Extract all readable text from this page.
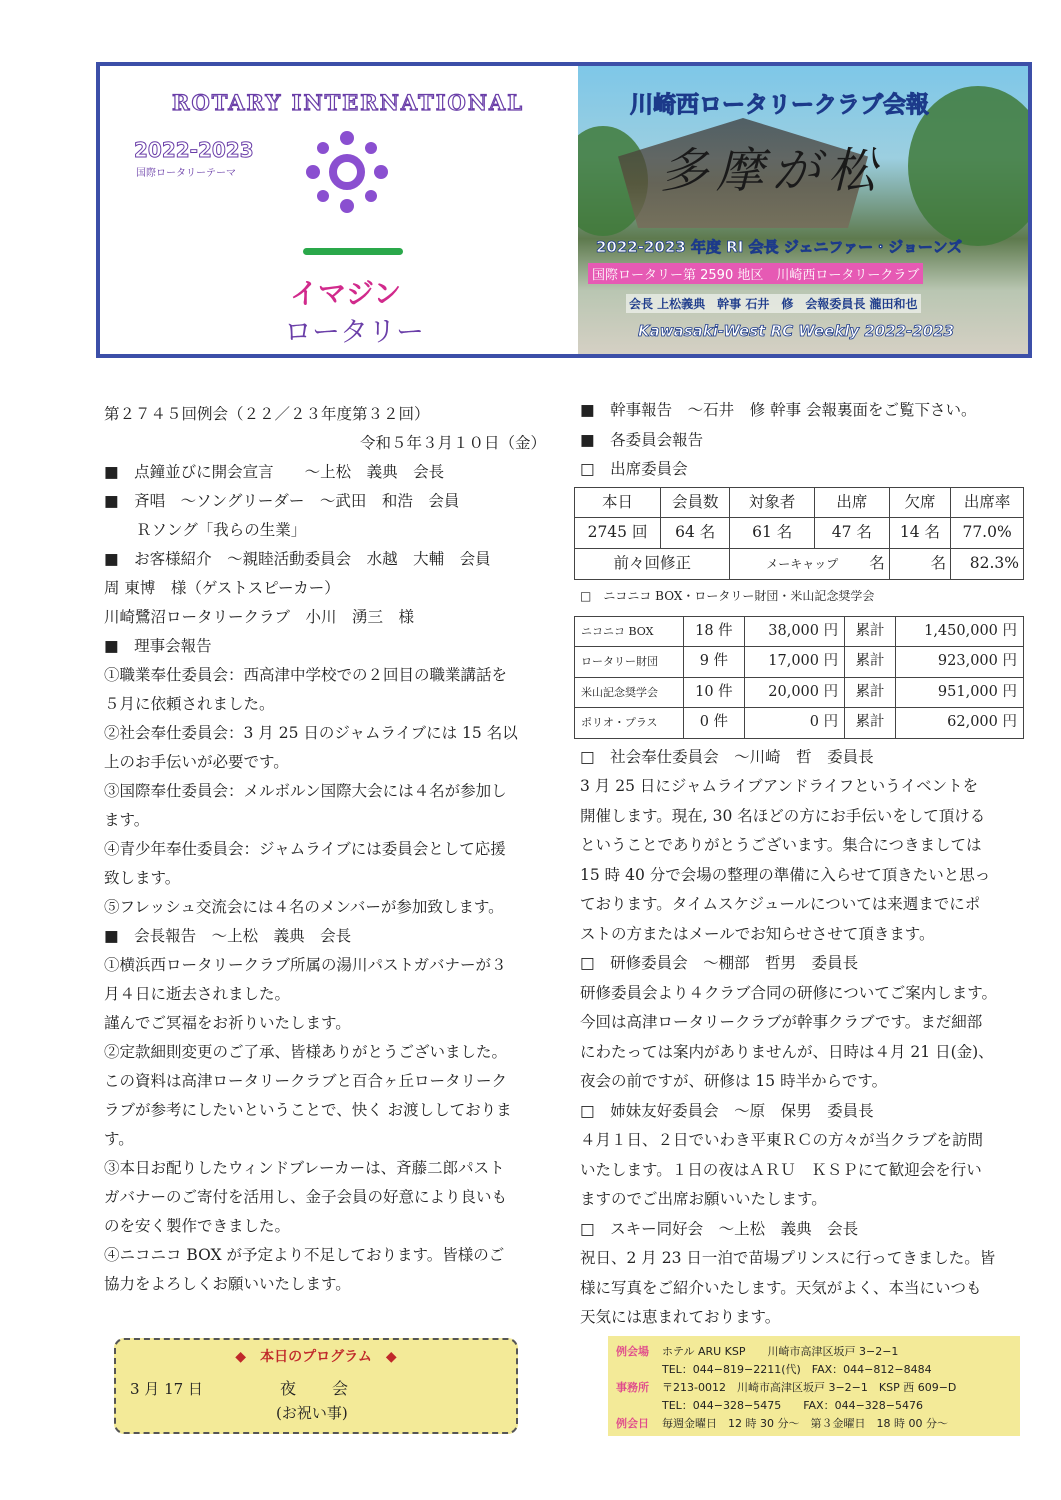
ROTARY INTERNATIONAL
2022-2023
国際ロータリーテーマ
イマジン
ロータリー
川崎西ロータリークラブ会報
多摩が松
2022-2023 年度 RI 会長 ジェニファー・ジョーンズ
国際ロータリー第 2590 地区　川崎西ロータリークラブ
会長 上松義典　幹事 石井　修　会報委員長 瀧田和也
Kawasaki-West RC Weekly 2022-2023

第２７４５回例会（２２／２３年度第３２回）

令和５年３月１０日（金）

■　点鐘並びに開会宣言　　～上松　義典　会長

■　斉唱　～ソングリーダー　～武田　和浩　会員

Ｒソング「我らの生業」

■　お客様紹介　～親睦活動委員会　水越　大輔　会員

周 東博　様（ゲストスピーカー）

川崎鷺沼ロータリークラブ　小川　湧三　様

■　理事会報告

①職業奉仕委員会：西高津中学校での２回目の職業講話を

５月に依頼されました。

②社会奉仕委員会：3 月 25 日のジャムライブには 15 名以

上のお手伝いが必要です。

③国際奉仕委員会：メルボルン国際大会には４名が参加し

ます。

④青少年奉仕委員会：ジャムライブには委員会として応援

致します。

⑤フレッシュ交流会には４名のメンバーが参加致します。

■　会長報告　～上松　義典　会長

①横浜西ロータリークラブ所属の湯川パストガバナーが３

月４日に逝去されました。

謹んでご冥福をお祈りいたします。

②定款細則変更のご了承、皆様ありがとうございました。

この資料は高津ロータリークラブと百合ヶ丘ロータリーク

ラブが参考にしたいということで、快く お渡ししておりま

す。

③本日お配りしたウィンドブレーカーは、斉藤二郎パスト

ガバナーのご寄付を活用し、金子会員の好意により良いも

のを安く製作できました。

④ニコニコ BOX が予定より不足しております。皆様のご

協力をよろしくお願いいたします。

■　幹事報告　～石井　修 幹事 会報裏面をご覧下さい。

■　各委員会報告

□　出席委員会

本日	会員数	対象者	出席	欠席	出席率
2745 回	64 名	61 名	47 名	14 名	77.0%
前々回修正		メーキャップ　　 名		名	82.3%

□　ニコニコ BOX・ロータリー財団・米山記念奨学会

ニコニコ BOX	18 件	38,000 円	累計	1,450,000 円
ロータリー財団	9 件	17,000 円	累計	923,000 円
米山記念奨学会	10 件	20,000 円	累計	951,000 円
ポリオ・プラス	0 件	0 円	累計	62,000 円

□　社会奉仕委員会　～川崎　哲　委員長

3 月 25 日にジャムライブアンドライフというイベントを

開催します。現在, 30 名ほどの方にお手伝いをして頂ける

ということでありがとうございます。集合につきましては

15 時 40 分で会場の整理の準備に入らせて頂きたいと思っ

ております。タイムスケジュールについては来週までにポ

ストの方またはメールでお知らせさせて頂きます。

□　研修委員会　～棚部　哲男　委員長

研修委員会より４クラブ合同の研修についてご案内します。

今回は高津ロータリークラブが幹事クラブです。まだ細部

にわたっては案内がありませんが、日時は４月 21 日(金)、

夜会の前ですが、研修は 15 時半からです。

□　姉妹友好委員会　～原　保男　委員長

４月１日、２日でいわき平東ＲＣの方々が当クラブを訪問

いたします。１日の夜はＡＲＵ　ＫＳＰにて歓迎会を行い

ますのでご出席お願いいたします。

□　スキー同好会　～上松　義典　会長

祝日、2 月 23 日一泊で苗場プリンスに行ってきました。皆

様に写真をご紹介いたします。天気がよく、本当にいつも

天気には恵まれております。

◆　本日のプログラム　◆
3 月 17 日	夜　会
(お祝い事)
例会場 ホテル ARU KSP　　川崎市高津区坂戸 3−2−1
TEL：044−819−2211(代)　FAX：044−812−8484
事務所 〒213-0012　川崎市高津区坂戸 3−2−1　KSP 西 609−D
TEL：044−328−5475　　FAX：044−328−5476
例会日 毎週金曜日　12 時 30 分～　第３金曜日　18 時 00 分～
